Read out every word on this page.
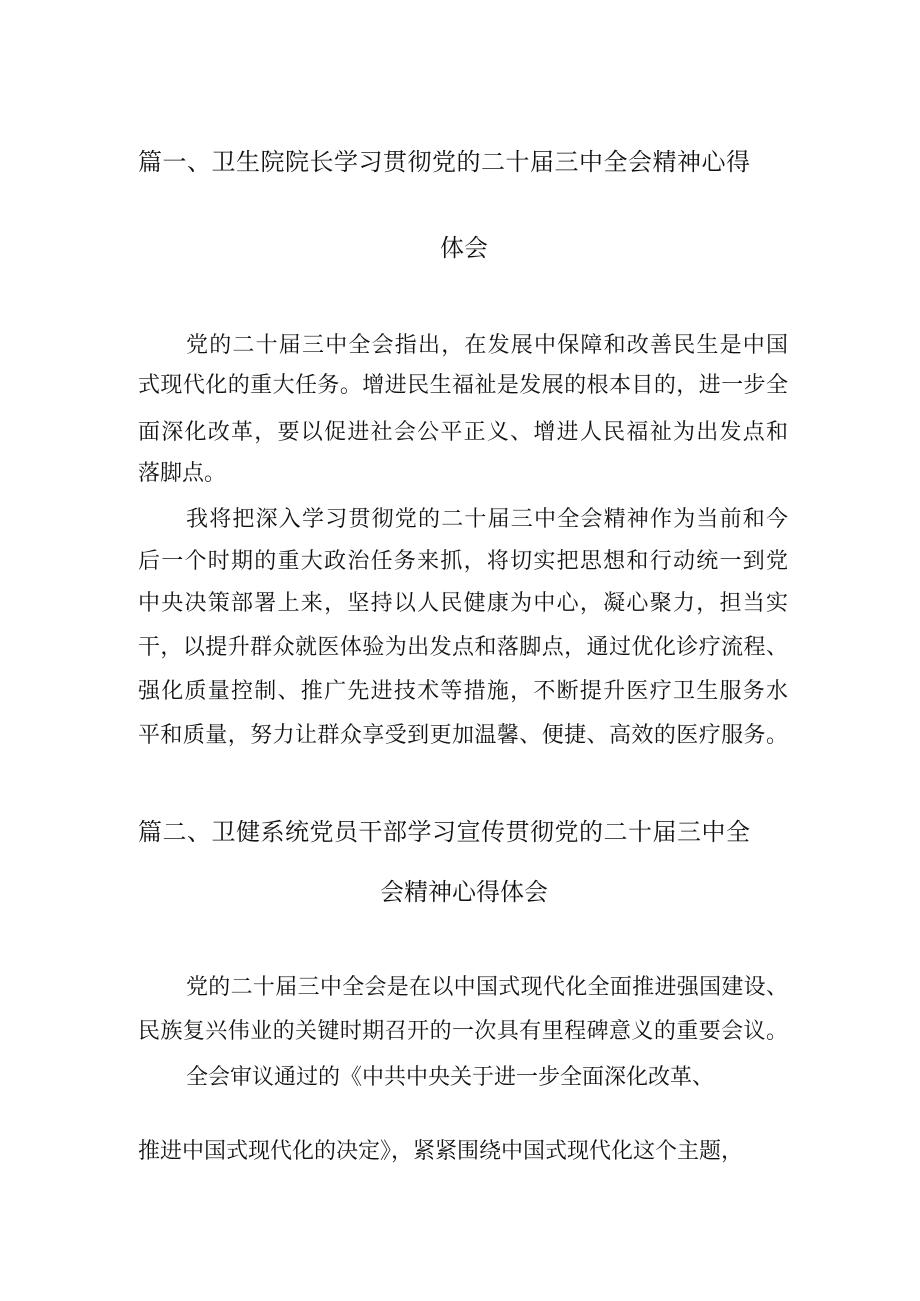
篇一、卫生院院长学习贯彻党的二十届三中全会精神心得
体会
党的二十届三中全会指出，在发展中保障和改善民生是中国
式现代化的重大任务。增进民生福祉是发展的根本目的，进一步全
面深化改革，要以促进社会公平正义、增进人民福祉为出发点和
落脚点。
我将把深入学习贯彻党的二十届三中全会精神作为当前和今
后一个时期的重大政治任务来抓，将切实把思想和行动统一到党
中央决策部署上来，坚持以人民健康为中心，凝心聚力，担当实
干，以提升群众就医体验为出发点和落脚点，通过优化诊疗流程、
强化质量控制、推广先进技术等措施，不断提升医疗卫生服务水
平和质量，努力让群众享受到更加温馨、便捷、高效的医疗服务。
篇二、卫健系统党员干部学习宣传贯彻党的二十届三中全
会精神心得体会
党的二十届三中全会是在以中国式现代化全面推进强国建设、
民族复兴伟业的关键时期召开的一次具有里程碑意义的重要会议。
全会审议通过的《中共中央关于进一步全面深化改革、
推进中国式现代化的决定》，紧紧围绕中国式现代化这个主题，
